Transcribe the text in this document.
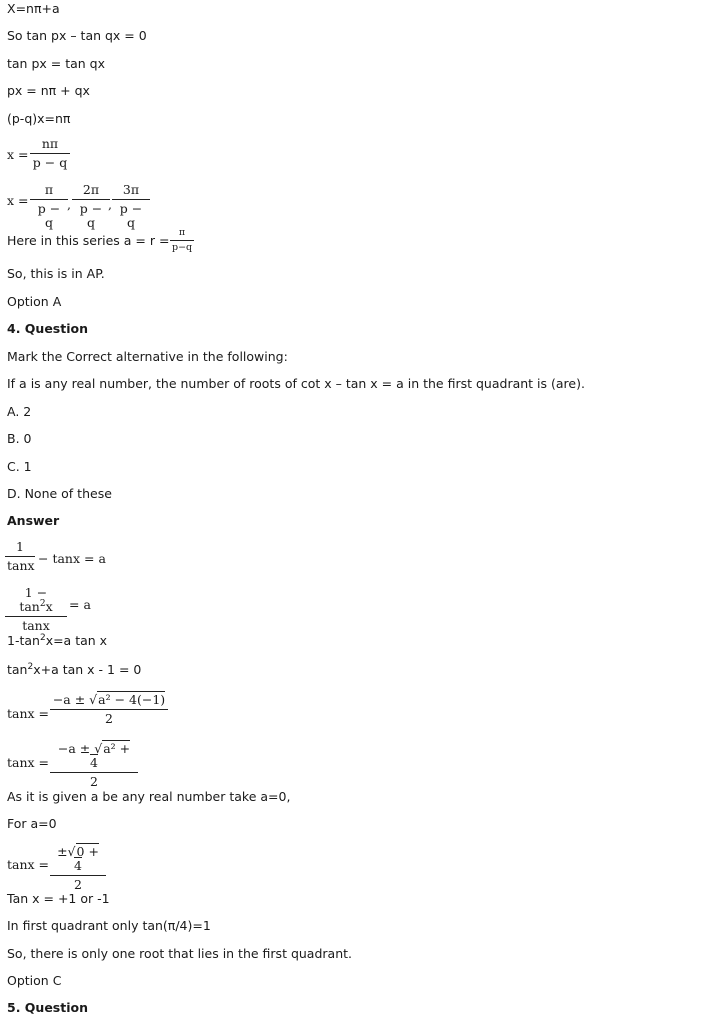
X=nπ+a
So tan px – tan qx = 0
tan px = tan qx
px = nπ + qx
(p-q)x=nπ
$x = \frac{n\pi}{p - q}$
$x = \frac{\pi}{p - q}$ , $\frac{2\pi}{p - q}$
, $\frac{3\pi}{p - q}$
Here in this series $a = r = \frac{\pi}{p-q}$
So, this is in AP.
Option A
4. Question
Mark the Correct alternative in the following:
If a is any real number, the number of roots of cot x – tan x = a in the first quadrant is (are).
A. 2
B. 0
C. 1
D. None of these
Answer
$\frac{1}{\tan x} - \tan x = a$
$\frac{1 - \tan^2x}{\tan x} = a$
$1-\tan^2x=a$ tan x
$\tan^2x+a$ tan x - 1 = 0
$\tan x = \frac{\text{−a ± √a² − 4(−1)}}{2}$
$\tan x = \frac{\text{−a ± √a² + 4}}{2}$
As it is given a be any real number take a=0,
For a=0
$\tan x = \frac{\pm√0 + 4}{2}$
Tan x = +1 or -1
In first quadrant only tan(π/4)=1
So, there is only one root that lies in the first quadrant.
Option C
5. Question
